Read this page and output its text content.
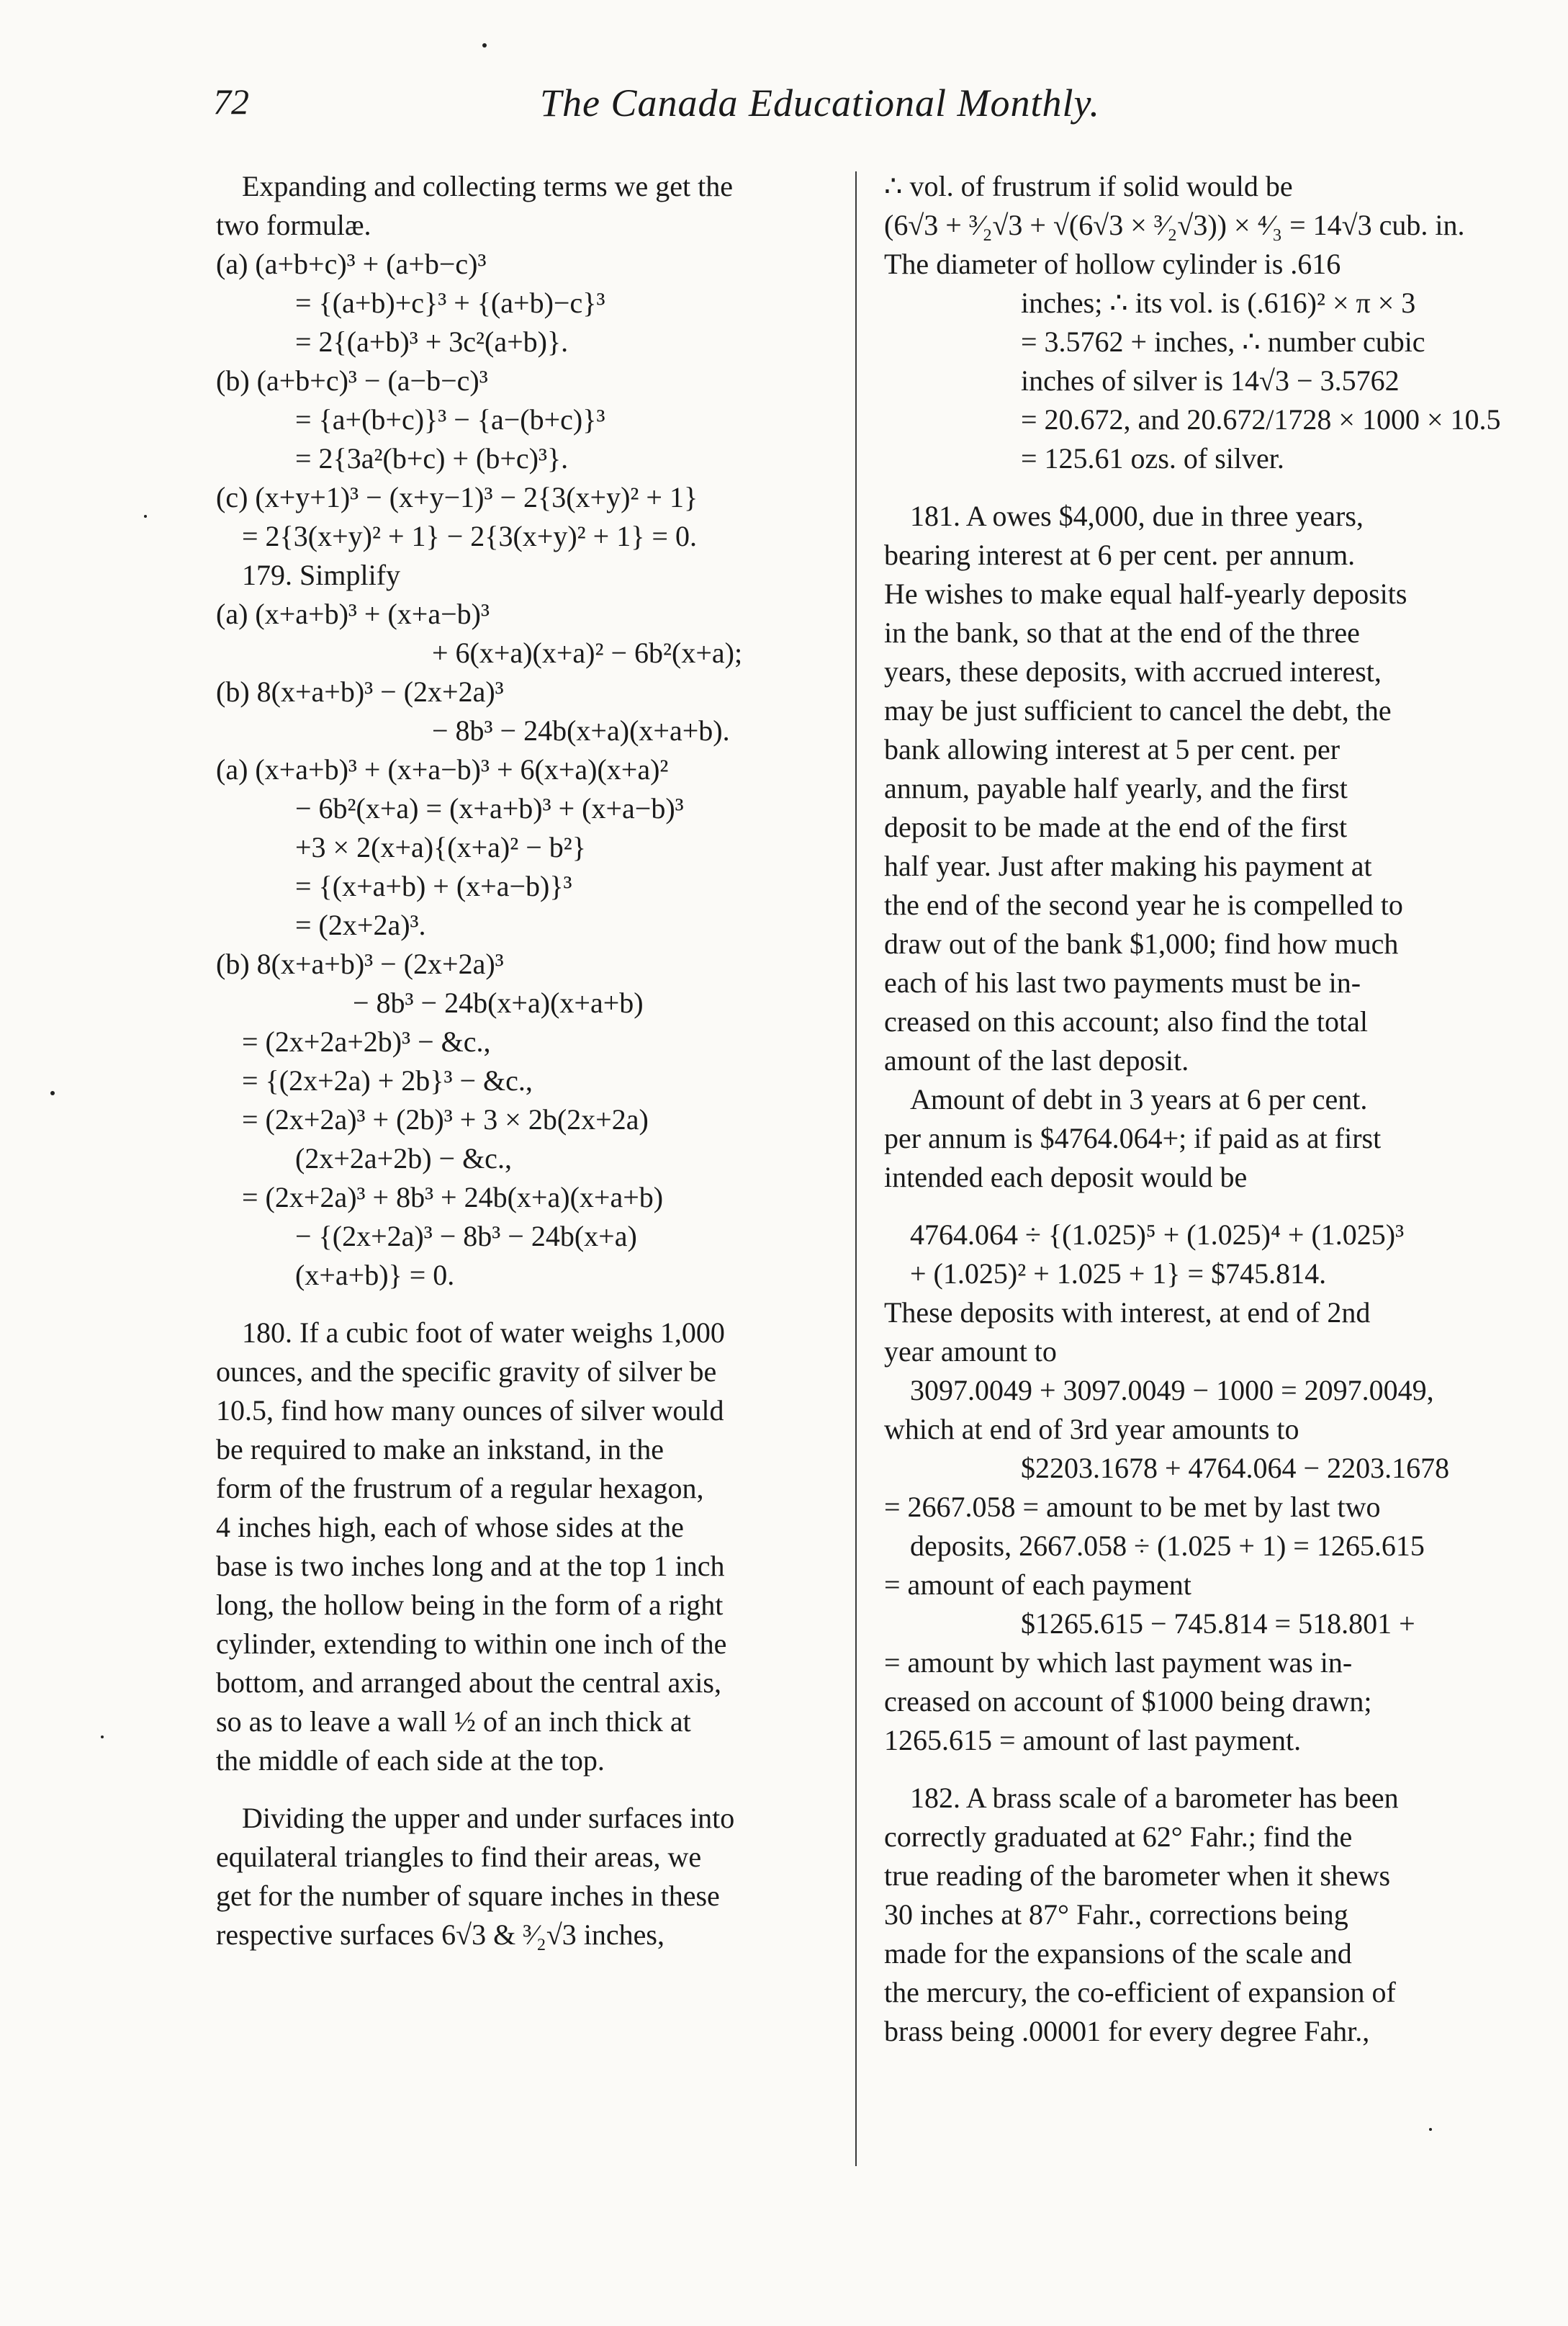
72	The Canada Educational Monthly.
Expanding and collecting terms we get the
two formulæ.
(a) (a+b+c)³ + (a+b−c)³
= {(a+b)+c}³ + {(a+b)−c}³
= 2{(a+b)³ + 3c²(a+b)}.
(b) (a+b+c)³ − (a−b−c)³
= {a+(b+c)}³ − {a−(b+c)}³
= 2{3a²(b+c) + (b+c)³}.
(c) (x+y+1)³ − (x+y−1)³ − 2{3(x+y)² + 1}
= 2{3(x+y)² + 1} − 2{3(x+y)² + 1} = 0.
179. Simplify
(a) (x+a+b)³ + (x+a−b)³
+ 6(x+a)(x+a)² − 6b²(x+a);
(b) 8(x+a+b)³ − (2x+2a)³
− 8b³ − 24b(x+a)(x+a+b).
(a) (x+a+b)³ + (x+a−b)³ + 6(x+a)(x+a)²
− 6b²(x+a) = (x+a+b)³ + (x+a−b)³
+3 × 2(x+a){(x+a)² − b²}
= {(x+a+b) + (x+a−b)}³
= (2x+2a)³.
(b) 8(x+a+b)³ − (2x+2a)³
− 8b³ − 24b(x+a)(x+a+b)
= (2x+2a+2b)³ − &c.,
= {(2x+2a) + 2b}³ − &c.,
= (2x+2a)³ + (2b)³ + 3 × 2b(2x+2a)
(2x+2a+2b) − &c.,
= (2x+2a)³ + 8b³ + 24b(x+a)(x+a+b)
− {(2x+2a)³ − 8b³ − 24b(x+a)
(x+a+b)} = 0.
180. If a cubic foot of water weighs 1,000
ounces, and the specific gravity of silver be
10.5, find how many ounces of silver would
be required to make an inkstand, in the
form of the frustrum of a regular hexagon,
4 inches high, each of whose sides at the
base is two inches long and at the top 1 inch
long, the hollow being in the form of a right
cylinder, extending to within one inch of the
bottom, and arranged about the central axis,
so as to leave a wall ½ of an inch thick at
the middle of each side at the top.
Dividing the upper and under surfaces into
equilateral triangles to find their areas, we
get for the number of square inches in these
respective surfaces 6√3 & ³⁄₂√3 inches,
∴ vol. of frustrum if solid would be
(6√3 + ³⁄₂√3 + √(6√3 × ³⁄₂√3)) × ⁴⁄₃ = 14√3 cub. in.
The diameter of hollow cylinder is .616
inches; ∴ its vol. is (.616)² × π × 3
= 3.5762 + inches, ∴ number cubic
inches of silver is 14√3 − 3.5762
= 20.672, and 20.672/1728 × 1000 × 10.5
= 125.61 ozs. of silver.
181. A owes $4,000, due in three years,
bearing interest at 6 per cent. per annum.
He wishes to make equal half-yearly deposits
in the bank, so that at the end of the three
years, these deposits, with accrued interest,
may be just sufficient to cancel the debt, the
bank allowing interest at 5 per cent. per
annum, payable half yearly, and the first
deposit to be made at the end of the first
half year. Just after making his payment at
the end of the second year he is compelled to
draw out of the bank $1,000; find how much
each of his last two payments must be in-
creased on this account; also find the total
amount of the last deposit.
Amount of debt in 3 years at 6 per cent.
per annum is $4764.064+; if paid as at first
intended each deposit would be
4764.064 ÷ {(1.025)⁵ + (1.025)⁴ + (1.025)³
+ (1.025)² + 1.025 + 1} = $745.814.
These deposits with interest, at end of 2nd
year amount to
3097.0049 + 3097.0049 − 1000 = 2097.0049,
which at end of 3rd year amounts to
$2203.1678 + 4764.064 − 2203.1678
= 2667.058 = amount to be met by last two
deposits, 2667.058 ÷ (1.025 + 1) = 1265.615
= amount of each payment
$1265.615 − 745.814 = 518.801 +
= amount by which last payment was in-
creased on account of $1000 being drawn;
1265.615 = amount of last payment.
182. A brass scale of a barometer has been
correctly graduated at 62° Fahr.; find the
true reading of the barometer when it shews
30 inches at 87° Fahr., corrections being
made for the expansions of the scale and
the mercury, the co-efficient of expansion of
brass being .00001 for every degree Fahr.,
